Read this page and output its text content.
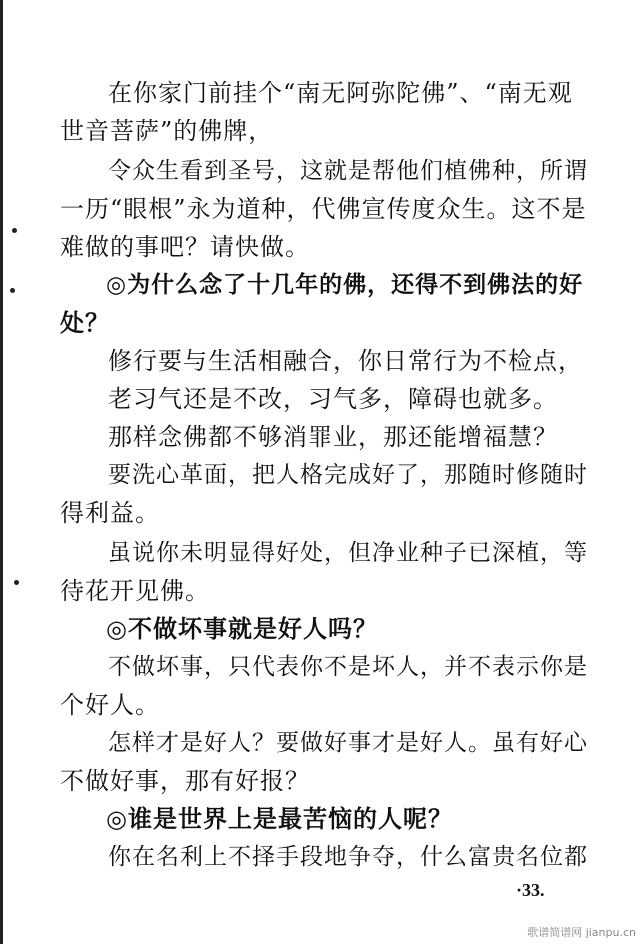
在你家门前挂个“南无阿弥陀佛”、“南无观
世音菩萨”的佛牌，
令众生看到圣号，这就是帮他们植佛种，所谓
一历“眼根”永为道种，代佛宣传度众生。这不是
难做的事吧？请快做。
◎为什么念了十几年的佛，还得不到佛法的好
处？
修行要与生活相融合，你日常行为不检点，
老习气还是不改，习气多，障碍也就多。
那样念佛都不够消罪业，那还能增福慧？
要洗心革面，把人格完成好了，那随时修随时
得利益。
虽说你未明显得好处，但净业种子已深植，等
待花开见佛。
◎不做坏事就是好人吗？
不做坏事，只代表你不是坏人，并不表示你是
个好人。
怎样才是好人？要做好事才是好人。虽有好心
不做好事，那有好报？
◎谁是世界上是最苦恼的人呢？
你在名利上不择手段地争夺，什么富贵名位都
·33.
歌谱简谱网 jianpu.cn
